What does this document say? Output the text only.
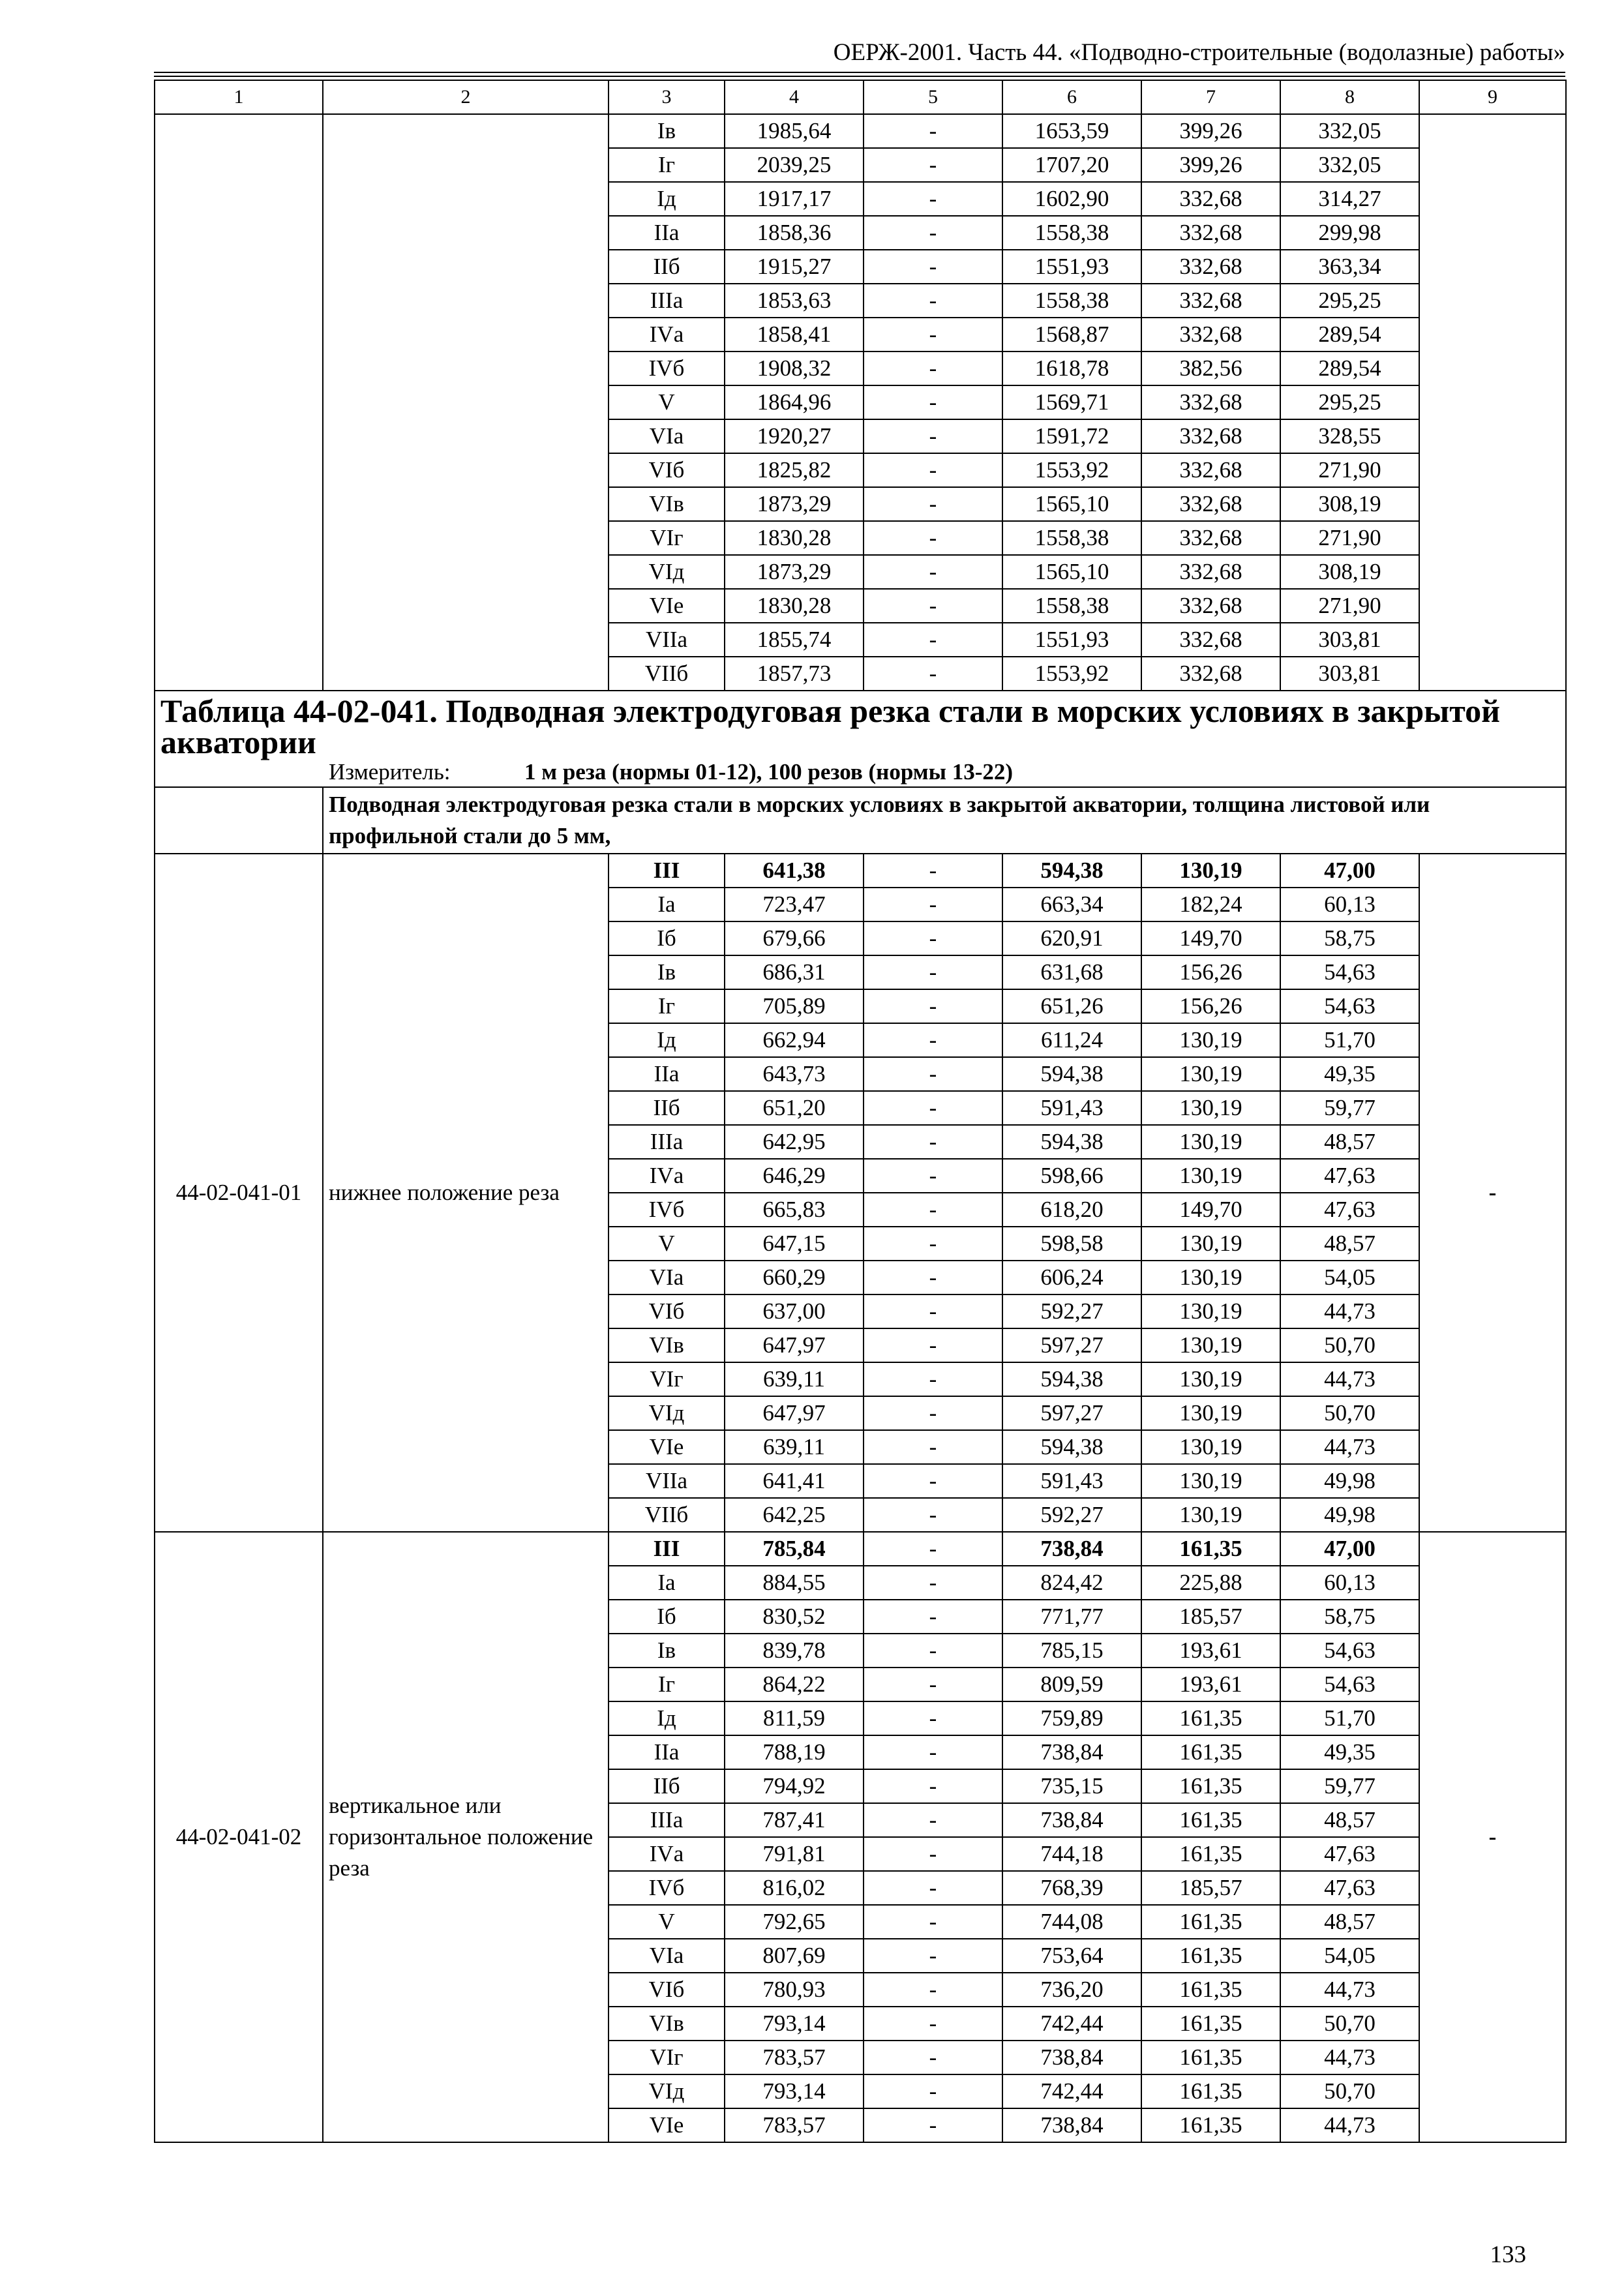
ОЕРЖ-2001. Часть 44. «Подводно-строительные (водолазные) работы»
1	2	3	4	5	6	7	8	9
		Iв	1985,64	-	1653,59	399,26	332,05	
		Iг	2039,25	-	1707,20	399,26	332,05	
		Iд	1917,17	-	1602,90	332,68	314,27	
		IIа	1858,36	-	1558,38	332,68	299,98	
		IIб	1915,27	-	1551,93	332,68	363,34	
		IIIа	1853,63	-	1558,38	332,68	295,25	
		IVа	1858,41	-	1568,87	332,68	289,54	
		IVб	1908,32	-	1618,78	382,56	289,54	
		V	1864,96	-	1569,71	332,68	295,25	
		VIа	1920,27	-	1591,72	332,68	328,55	
		VIб	1825,82	-	1553,92	332,68	271,90	
		VIв	1873,29	-	1565,10	332,68	308,19	
		VIг	1830,28	-	1558,38	332,68	271,90	
		VIд	1873,29	-	1565,10	332,68	308,19	
		VIе	1830,28	-	1558,38	332,68	271,90	
		VIIа	1855,74	-	1551,93	332,68	303,81	
		VIIб	1857,73	-	1553,92	332,68	303,81	

Таблица 44-02-041. Подводная электродуговая резка стали в морских условиях в закрытой акватории
Измеритель: 1 м реза (нормы 01-12), 100 резов (нормы 13-22)								

	Подводная электродуговая резка стали в морских условиях в закрытой акватории, толщина листовой или профильной стали до 5 мм,							
44-02-041-01	нижнее положение реза	III	641,38	-	594,38	130,19	47,00	-
		Iа	723,47	-	663,34	182,24	60,13	
		Iб	679,66	-	620,91	149,70	58,75	
		Iв	686,31	-	631,68	156,26	54,63	
		Iг	705,89	-	651,26	156,26	54,63	
		Iд	662,94	-	611,24	130,19	51,70	
		IIа	643,73	-	594,38	130,19	49,35	
		IIб	651,20	-	591,43	130,19	59,77	
		IIIа	642,95	-	594,38	130,19	48,57	
		IVа	646,29	-	598,66	130,19	47,63	
		IVб	665,83	-	618,20	149,70	47,63	
		V	647,15	-	598,58	130,19	48,57	
		VIа	660,29	-	606,24	130,19	54,05	
		VIб	637,00	-	592,27	130,19	44,73	
		VIв	647,97	-	597,27	130,19	50,70	
		VIг	639,11	-	594,38	130,19	44,73	
		VIд	647,97	-	597,27	130,19	50,70	
		VIе	639,11	-	594,38	130,19	44,73	
		VIIа	641,41	-	591,43	130,19	49,98	
		VIIб	642,25	-	592,27	130,19	49,98	
44-02-041-02	вертикальное или горизонтальное положение реза	III	785,84	-	738,84	161,35	47,00	-
		Iа	884,55	-	824,42	225,88	60,13	
		Iб	830,52	-	771,77	185,57	58,75	
		Iв	839,78	-	785,15	193,61	54,63	
		Iг	864,22	-	809,59	193,61	54,63	
		Iд	811,59	-	759,89	161,35	51,70	
		IIа	788,19	-	738,84	161,35	49,35	
		IIб	794,92	-	735,15	161,35	59,77	
		IIIа	787,41	-	738,84	161,35	48,57	
		IVа	791,81	-	744,18	161,35	47,63	
		IVб	816,02	-	768,39	185,57	47,63	
		V	792,65	-	744,08	161,35	48,57	
		VIа	807,69	-	753,64	161,35	54,05	
		VIб	780,93	-	736,20	161,35	44,73	
		VIв	793,14	-	742,44	161,35	50,70	
		VIг	783,57	-	738,84	161,35	44,73	
		VIд	793,14	-	742,44	161,35	50,70	
		VIе	783,57	-	738,84	161,35	44,73	
133
